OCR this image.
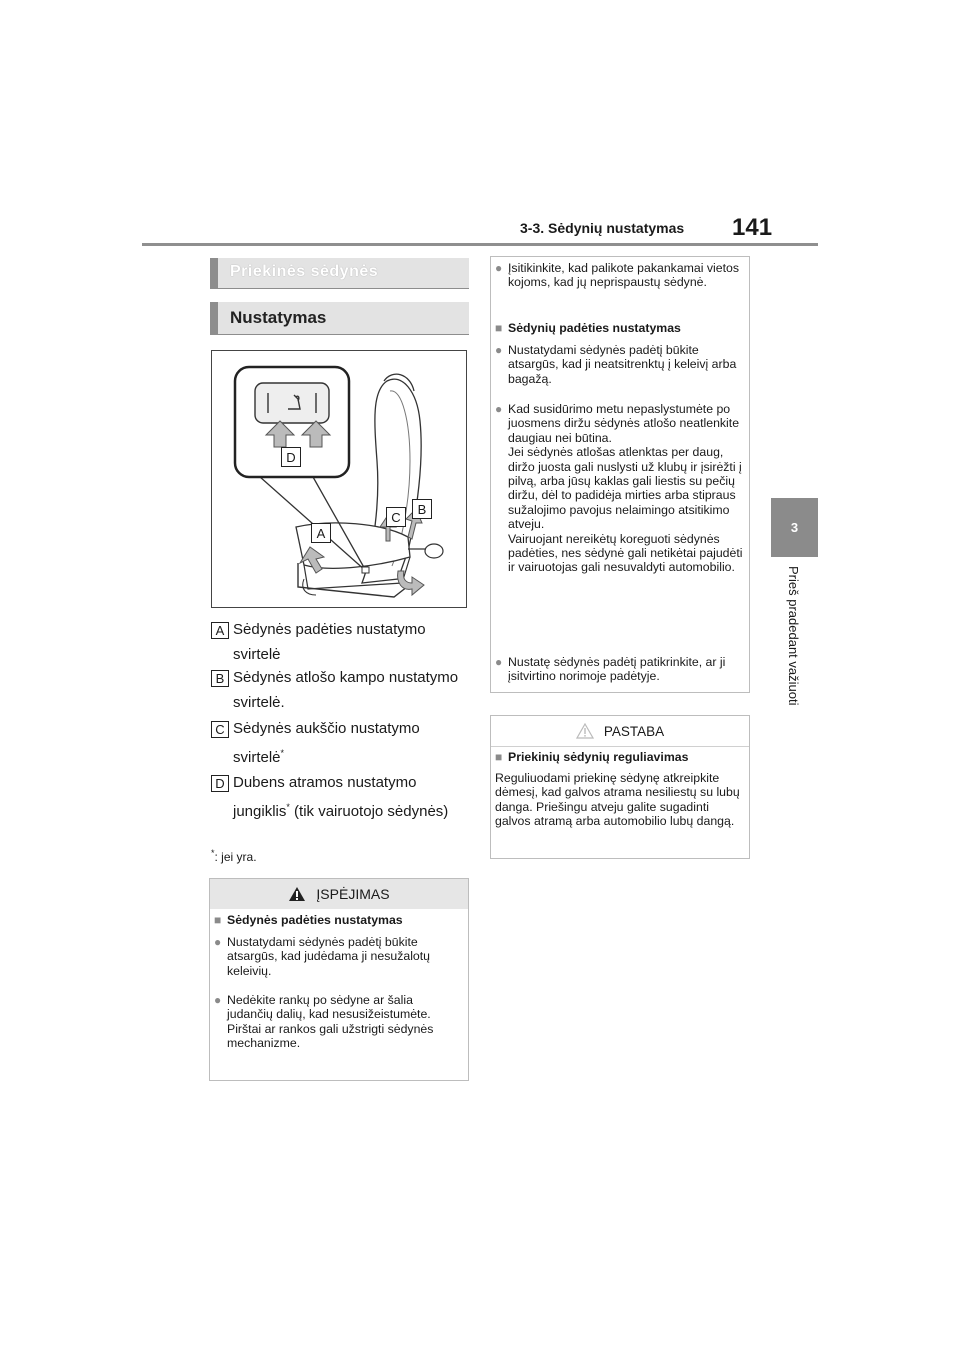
3-3. Sėdynių nustatymas 141
3
Prieš pradedant važiuoti
Priekinės sėdynės
Nustatymas
D
A
C
B
A Sėdynės padėties nustatymo svirtelė
B Sėdynės atlošo kampo nustatymo svirtelė.
C Sėdynės aukščio nustatymo svirtelė*
D Dubens atramos nustatymo jungiklis* (tik vairuotojo sėdynės)
*: jei yra.
ĮSPĖJIMAS
■ Sėdynės padėties nustatymas
● Nustatydami sėdynės padėtį būkite atsargūs, kad judėdama ji nesužalotų keleivių.
● Nedėkite rankų po sėdyne ar šalia judančių dalių, kad nesusižeistumėte.
Pirštai ar rankos gali užstrigti sėdynės mechanizme.
● Įsitikinkite, kad palikote pakankamai vietos kojoms, kad jų neprispaustų sėdynė.
■ Sėdynių padėties nustatymas
● Nustatydami sėdynės padėtį būkite atsargūs, kad ji neatsitrenktų į keleivį arba bagažą.
● Kad susidūrimo metu nepaslystumėte po juosmens diržu sėdynės atlošo neatlenkite daugiau nei būtina.
Jei sėdynės atlošas atlenktas per daug, diržo juosta gali nuslysti už klubų ir įsirėžti į pilvą, arba jūsų kaklas gali liestis su pečių diržu, dėl to padidėja mirties arba stiprаus sužalojimo pavojus nelaimingo atsitikimo atveju.
Vairuojant nereikėtų koreguoti sėdynės padėties, nes sėdynė gali netikėtai pajudėti ir vairuotojas gali nesuvaldyti automobilio.
● Nustatę sėdynės padėtį patikrinkite, ar ji įsitvirtino norimoje padėtyje.
PASTABA
■ Priekinių sėdynių reguliavimas
Reguliuodami priekinę sėdynę atkreipkite dėmesį, kad galvos atrama nesiliestų su lubų danga. Priešingu atveju galite sugadinti galvos atramą arba automobilio lubų dangą.
